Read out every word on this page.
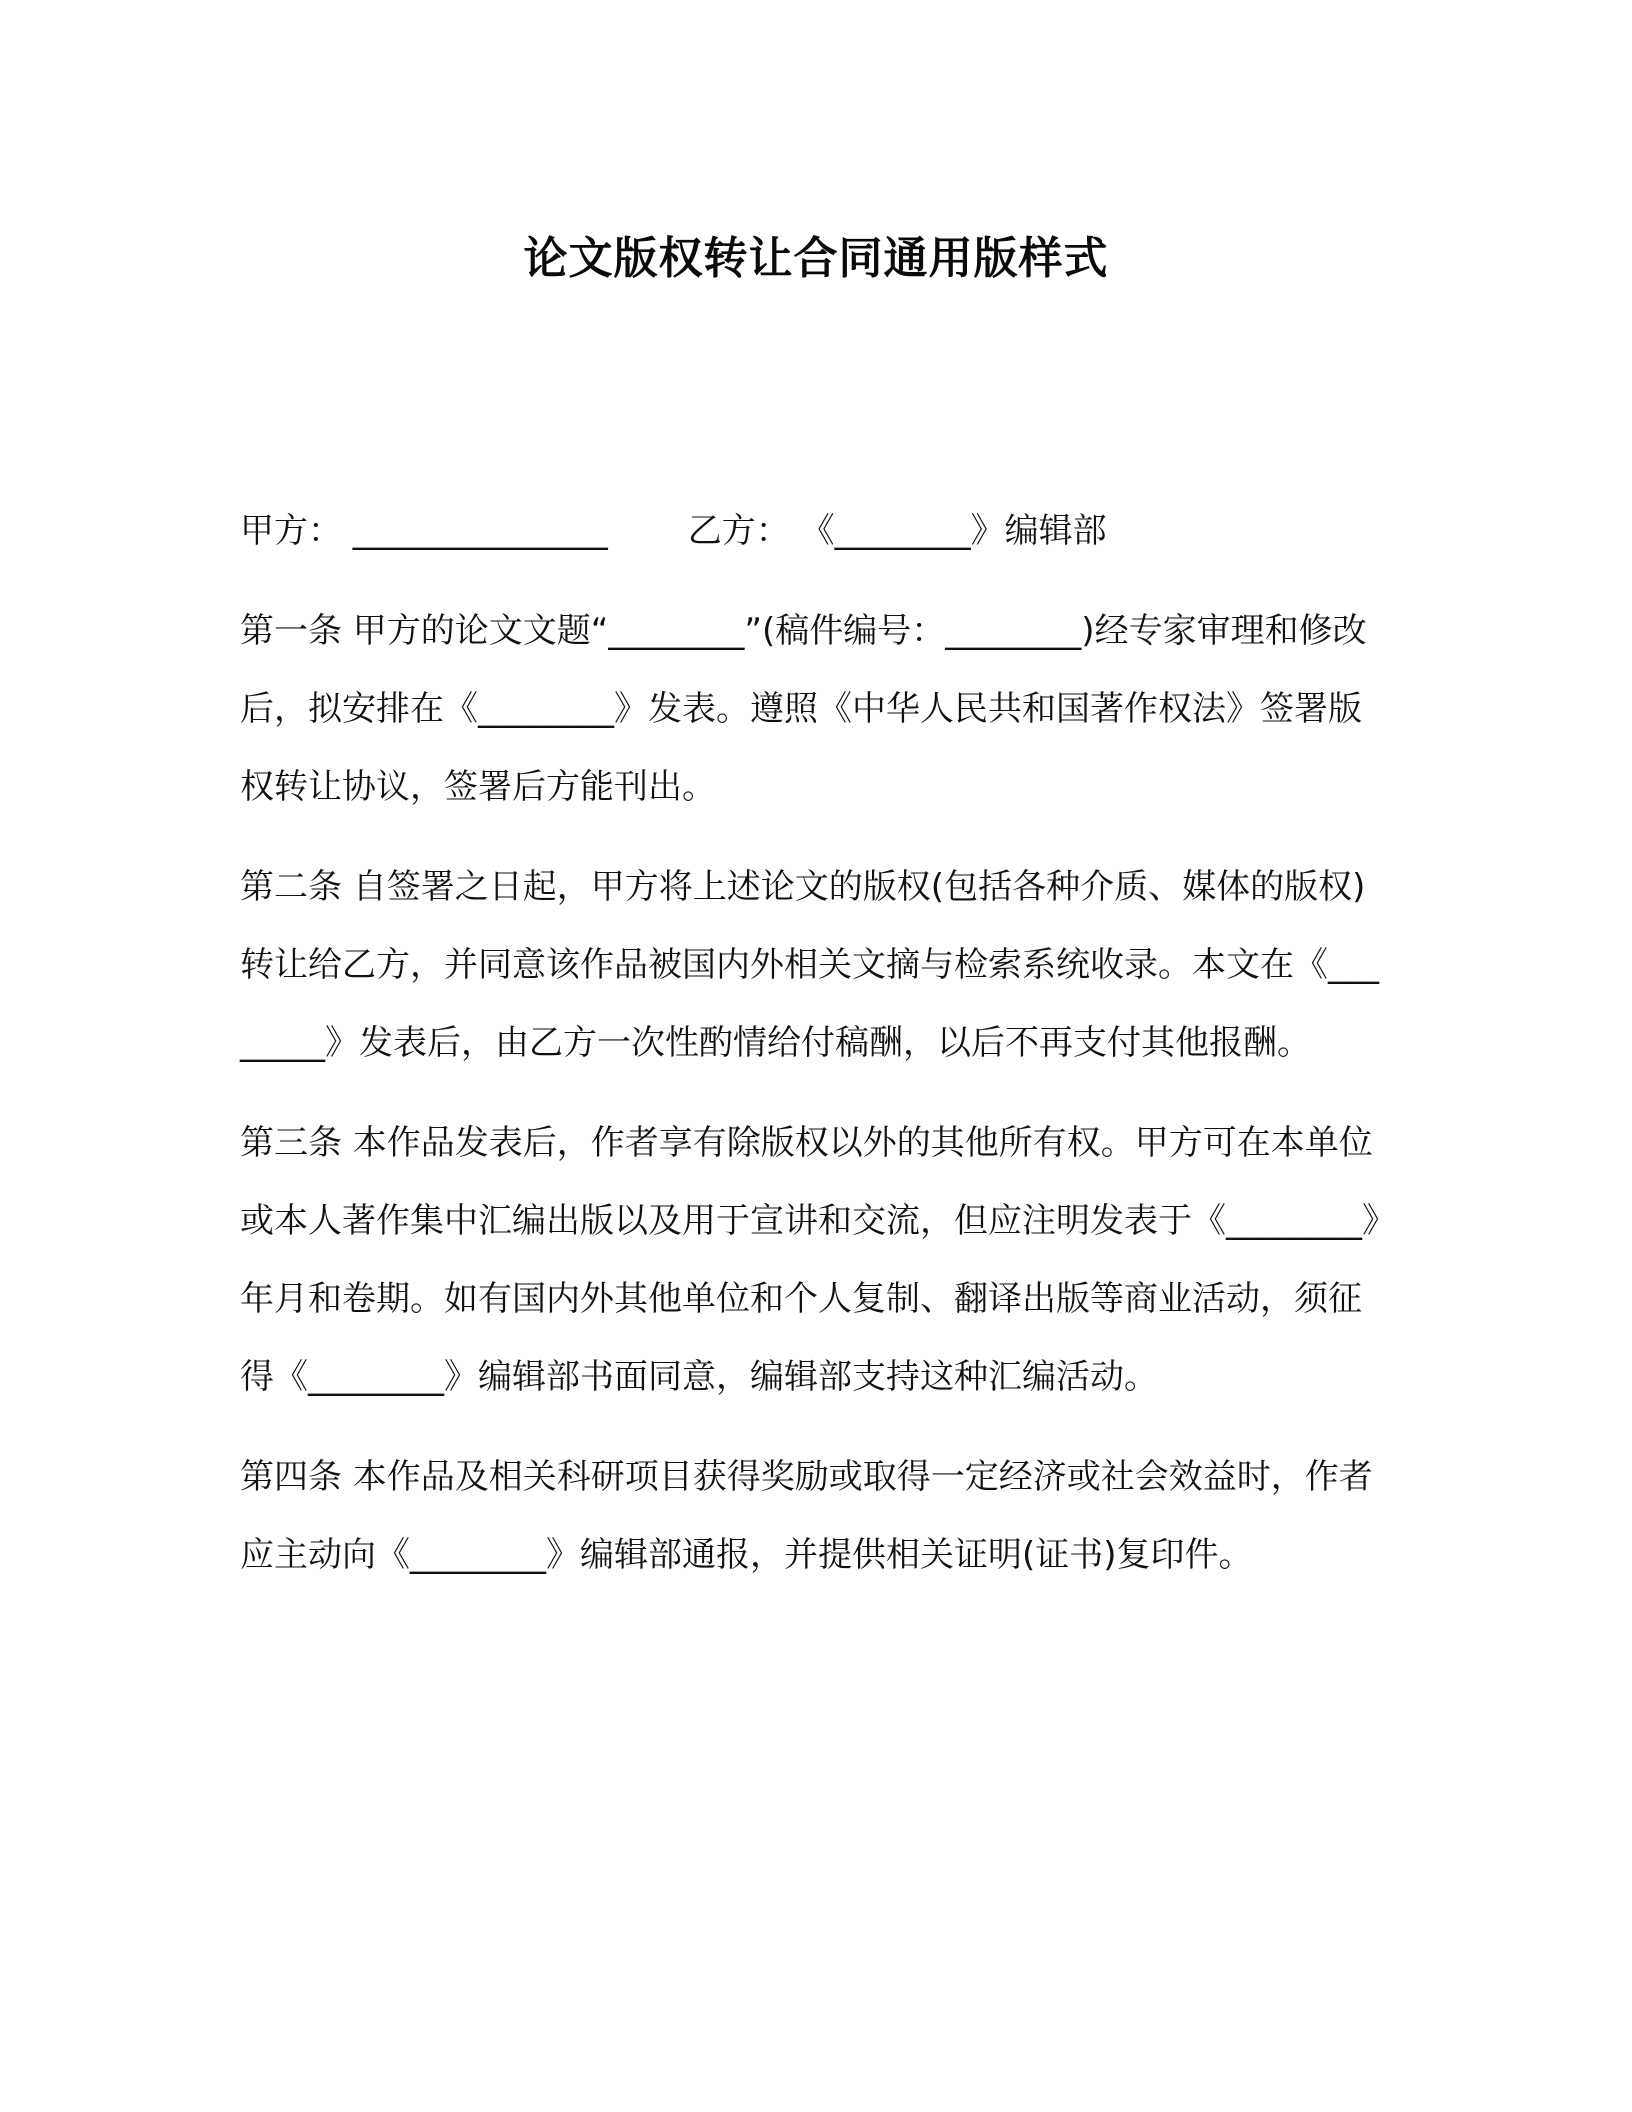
论文版权转让合同通用版样式
甲方： _______________ 乙方： 《________》编辑部
第一条 甲方的论文文题“________”(稿件编号：________)经专家审理和修改后，拟安排在《________》发表。遵照《中华人民共和国著作权法》签署版权转让协议，签署后方能刊出。
第二条 自签署之日起，甲方将上述论文的版权(包括各种介质、媒体的版权)转让给乙方，并同意该作品被国内外相关文摘与检索系统收录。本文在《________》发表后，由乙方一次性酌情给付稿酬，以后不再支付其他报酬。
第三条 本作品发表后，作者享有除版权以外的其他所有权。甲方可在本单位或本人著作集中汇编出版以及用于宣讲和交流，但应注明发表于《________》年月和卷期。如有国内外其他单位和个人复制、翻译出版等商业活动，须征得《________》编辑部书面同意，编辑部支持这种汇编活动。
第四条 本作品及相关科研项目获得奖励或取得一定经济或社会效益时，作者应主动向《________》编辑部通报，并提供相关证明(证书)复印件。
